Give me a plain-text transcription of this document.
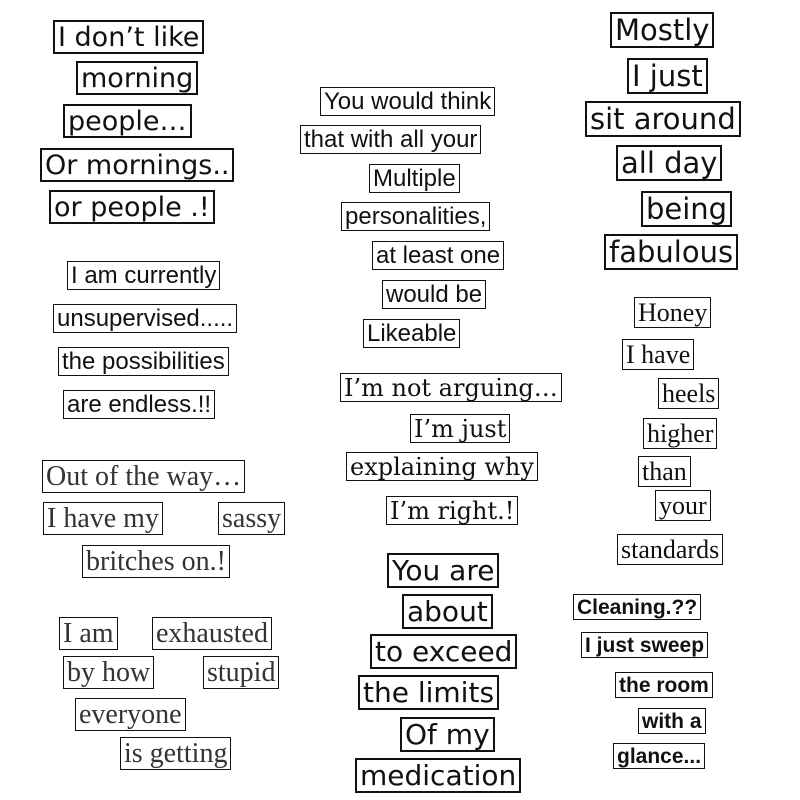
I don’t like
morning
people…
Or mornings..
or people .!
I am currently
unsupervised.....
the possibilities
are endless.!!
Out of the way…
I have my sassy
britches on.!
I am exhausted
by how stupid
everyone
is getting
You would think
that with all your
Multiple
personalities,
at least one
would be
Likeable
I’m not arguing…
I’m just
explaining why
I’m right.!
You are
about
to exceed
the limits
Of my
medication
Mostly
I just
sit around
all day
being
fabulous
Honey
I have
heels
higher
than
your
standards
Cleaning.??
I just sweep
the room
with a
glance...
